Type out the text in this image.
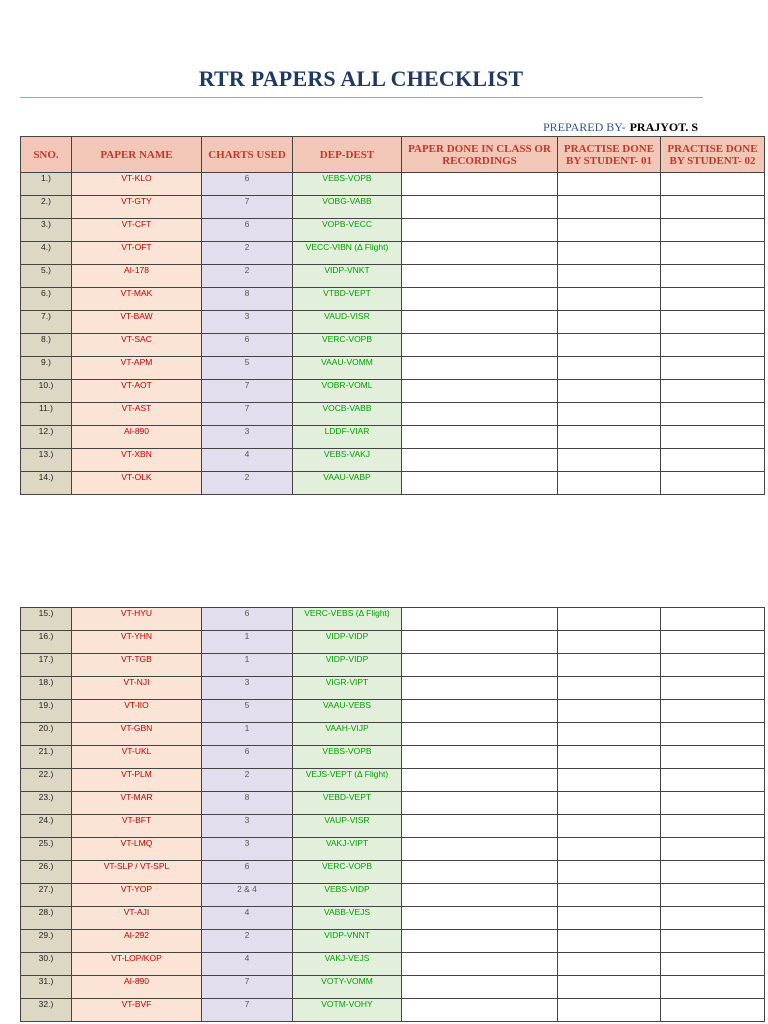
RTR PAPERS ALL CHECKLIST
PREPARED BY- PRAJYOT. S
SNO.	PAPER NAME	CHARTS USED	DEP-DEST	PAPER DONE IN CLASS OR RECORDINGS	PRACTISE DONE BY STUDENT- 01	PRACTISE DONE BY STUDENT- 02
1.)	VT-KLO	6	VEBS-VOPB			
2.)	VT-GTY	7	VOBG-VABB			
3.)	VT-CFT	6	VOPB-VECC			
4.)	VT-OFT	2	VECC-VIBN (Δ Flight)			
5.)	AI-178	2	VIDP-VNKT			
6.)	VT-MAK	8	VTBD-VEPT			
7.)	VT-BAW	3	VAUD-VISR			
8.)	VT-SAC	6	VERC-VOPB			
9.)	VT-APM	5	VAAU-VOMM			
10.)	VT-AOT	7	VOBR-VOML			
11.)	VT-AST	7	VOCB-VABB			
12.)	AI-890	3	LDDF-VIAR			
13.)	VT-XBN	4	VEBS-VAKJ			
14.)	VT-OLK	2	VAAU-VABP			
15.)	VT-HYU	6	VERC-VEBS (Δ Flight)			
16.)	VT-YHN	1	VIDP-VIDP			
17.)	VT-TGB	1	VIDP-VIDP			
18.)	VT-NJI	3	VIGR-VIPT			
19.)	VT-IIO	5	VAAU-VEBS			
20.)	VT-GBN	1	VAAH-VIJP			
21.)	VT-UKL	6	VEBS-VOPB			
22.)	VT-PLM	2	VEJS-VEPT (Δ Flight)			
23.)	VT-MAR	8	VEBD-VEPT			
24.)	VT-BFT	3	VAUP-VISR			
25.)	VT-LMQ	3	VAKJ-VIPT			
26.)	VT-SLP / VT-SPL	6	VERC-VOPB			
27.)	VT-YOP	2 & 4	VEBS-VIDP			
28.)	VT-AJI	4	VABB-VEJS			
29.)	AI-292	2	VIDP-VNNT			
30.)	VT-LOP/KOP	4	VAKJ-VEJS			
31.)	AI-890	7	VOTY-VOMM			
32.)	VT-BVF	7	VOTM-VOHY			
